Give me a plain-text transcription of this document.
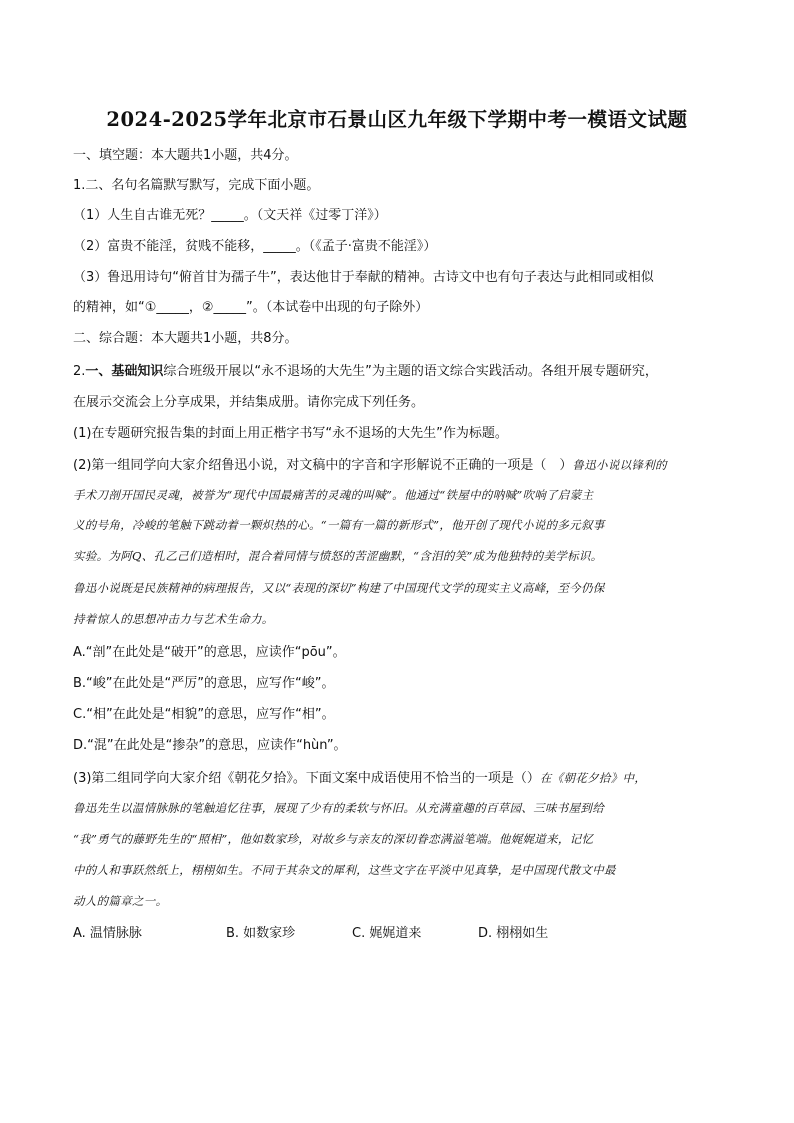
2024-2025学年北京市石景山区九年级下学期中考一模语文试题
一、填空题：本大题共1小题，共4分。
1.二、名句名篇默写默写，完成下面小题。
（1）人生自古谁无死？_____。（文天祥《过零丁洋》）
（2）富贵不能淫，贫贱不能移，_____。（《孟子·富贵不能淫》）
（3）鲁迅用诗句“俯首甘为孺子牛”，表达他甘于奉献的精神。古诗文中也有句子表达与此相同或相似
的精神，如“①_____，②_____”。（本试卷中出现的句子除外）
二、综合题：本大题共1小题，共8分。
2.一、基础知识综合班级开展以“永不退场的大先生”为主题的语文综合实践活动。各组开展专题研究，
在展示交流会上分享成果，并结集成册。请你完成下列任务。
(1)在专题研究报告集的封面上用正楷字书写“永不退场的大先生”作为标题。
(2)第一组同学向大家介绍鲁迅小说，对文稿中的字音和字形解说不正确的一项是（　）鲁迅小说以锋利的
手术刀剖开国民灵魂，被誉为“现代中国最痛苦的灵魂的叫喊”。他通过“铁屋中的呐喊”吹响了启蒙主
义的号角，冷峻的笔触下跳动着一颗炽热的心。“一篇有一篇的新形式”，他开创了现代小说的多元叙事
实验。为阿Q、孔乙己们造相时，混合着同情与愤怒的苦涩幽默，“含泪的笑”成为他独特的美学标识。
鲁迅小说既是民族精神的病理报告，又以“表现的深切”构建了中国现代文学的现实主义高峰，至今仍保
持着惊人的思想冲击力与艺术生命力。
A.“剖”在此处是“破开”的意思，应读作“pōu”。
B.“峻”在此处是“严厉”的意思，应写作“峻”。
C.“相”在此处是“相貌”的意思，应写作“相”。
D.“混”在此处是“掺杂”的意思，应读作“hùn”。
(3)第二组同学向大家介绍《朝花夕拾》。下面文案中成语使用不恰当的一项是（）在《朝花夕拾》中，
鲁迅先生以温情脉脉的笔触追忆往事，展现了少有的柔软与怀旧。从充满童趣的百草园、三味书屋到给
“我”勇气的藤野先生的“照相”，他如数家珍，对故乡与亲友的深切眷恋满溢笔端。他娓娓道来，记忆
中的人和事跃然纸上，栩栩如生。不同于其杂文的犀利，这些文字在平淡中见真挚，是中国现代散文中最
动人的篇章之一。
A. 温情脉脉	B. 如数家珍	C. 娓娓道来	D. 栩栩如生
